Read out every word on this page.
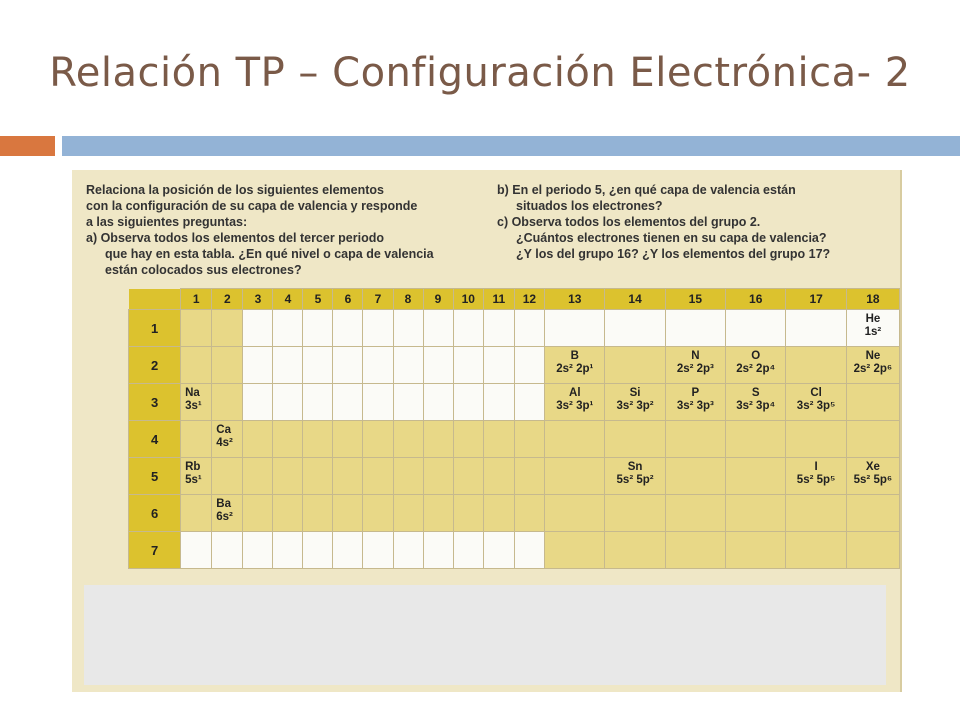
Relación TP – Configuración Electrónica- 2
Relaciona la posición de los siguientes elementos
con la configuración de su capa de valencia y responde
a las siguientes preguntas:
a) Observa todos los elementos del tercer periodo
que hay en esta tabla. ¿En qué nivel o capa de valencia
están colocados sus electrones?
b) En el periodo 5, ¿en qué capa de valencia están
situados los electrones?
c) Observa todos los elementos del grupo 2.
¿Cuántos electrones tienen en su capa de valencia?
¿Y los del grupo 16? ¿Y los elementos del grupo 17?
	1	2	3	4	5	6	7	8	9	10	11	12	13	14	15	16	17	18
1																		He
1s²

2													B
2s² 2p¹		N
2s² 2p³	O
2s² 2p⁴		Ne
2s² 2p⁶

3	Na
3s¹												Al
3s² 3p¹	Si
3s² 3p²	P
3s² 3p³	S
3s² 3p⁴	Cl
3s² 3p⁵	

4		Ca
4s²																

5	Rb
5s¹													Sn
5s² 5p²			I
5s² 5p⁵	Xe
5s² 5p⁶

6		Ba
6s²																

7																		
